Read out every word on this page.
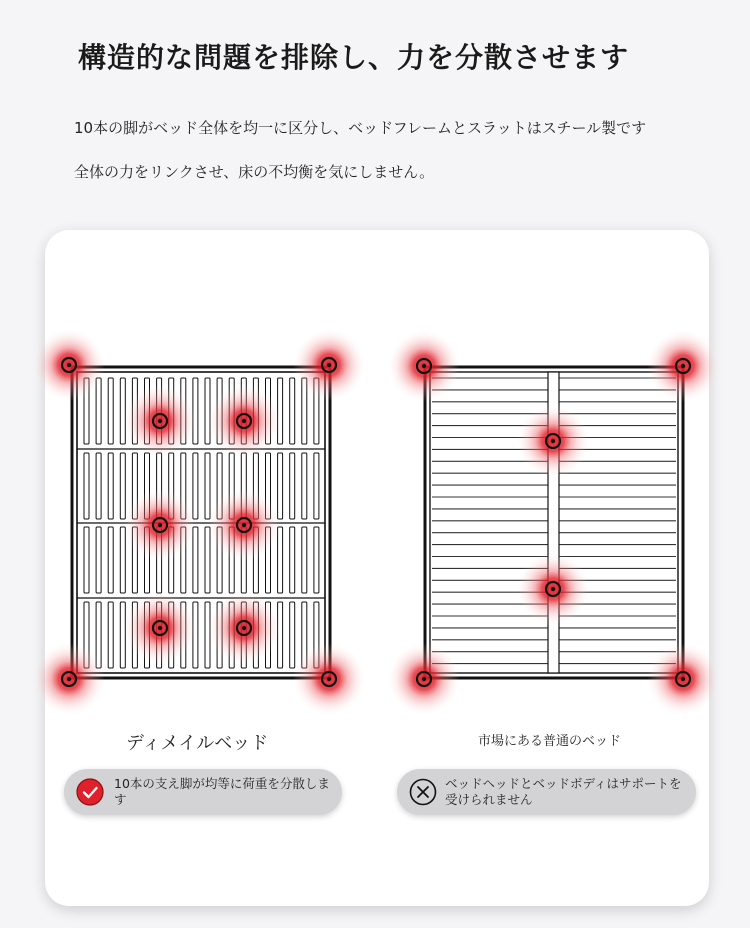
構造的な問題を排除し、力を分散させます

10本の脚がベッド全体を均一に区分し、ベッドフレームとスラットはスチール製です

全体の力をリンクさせ、床の不均衡を気にしません。

ディメイルベッド	市場にある普通のベッド
10本の支え脚が均等に荷重を分散します
ベッドヘッドとベッドボディはサポートを受けられません
